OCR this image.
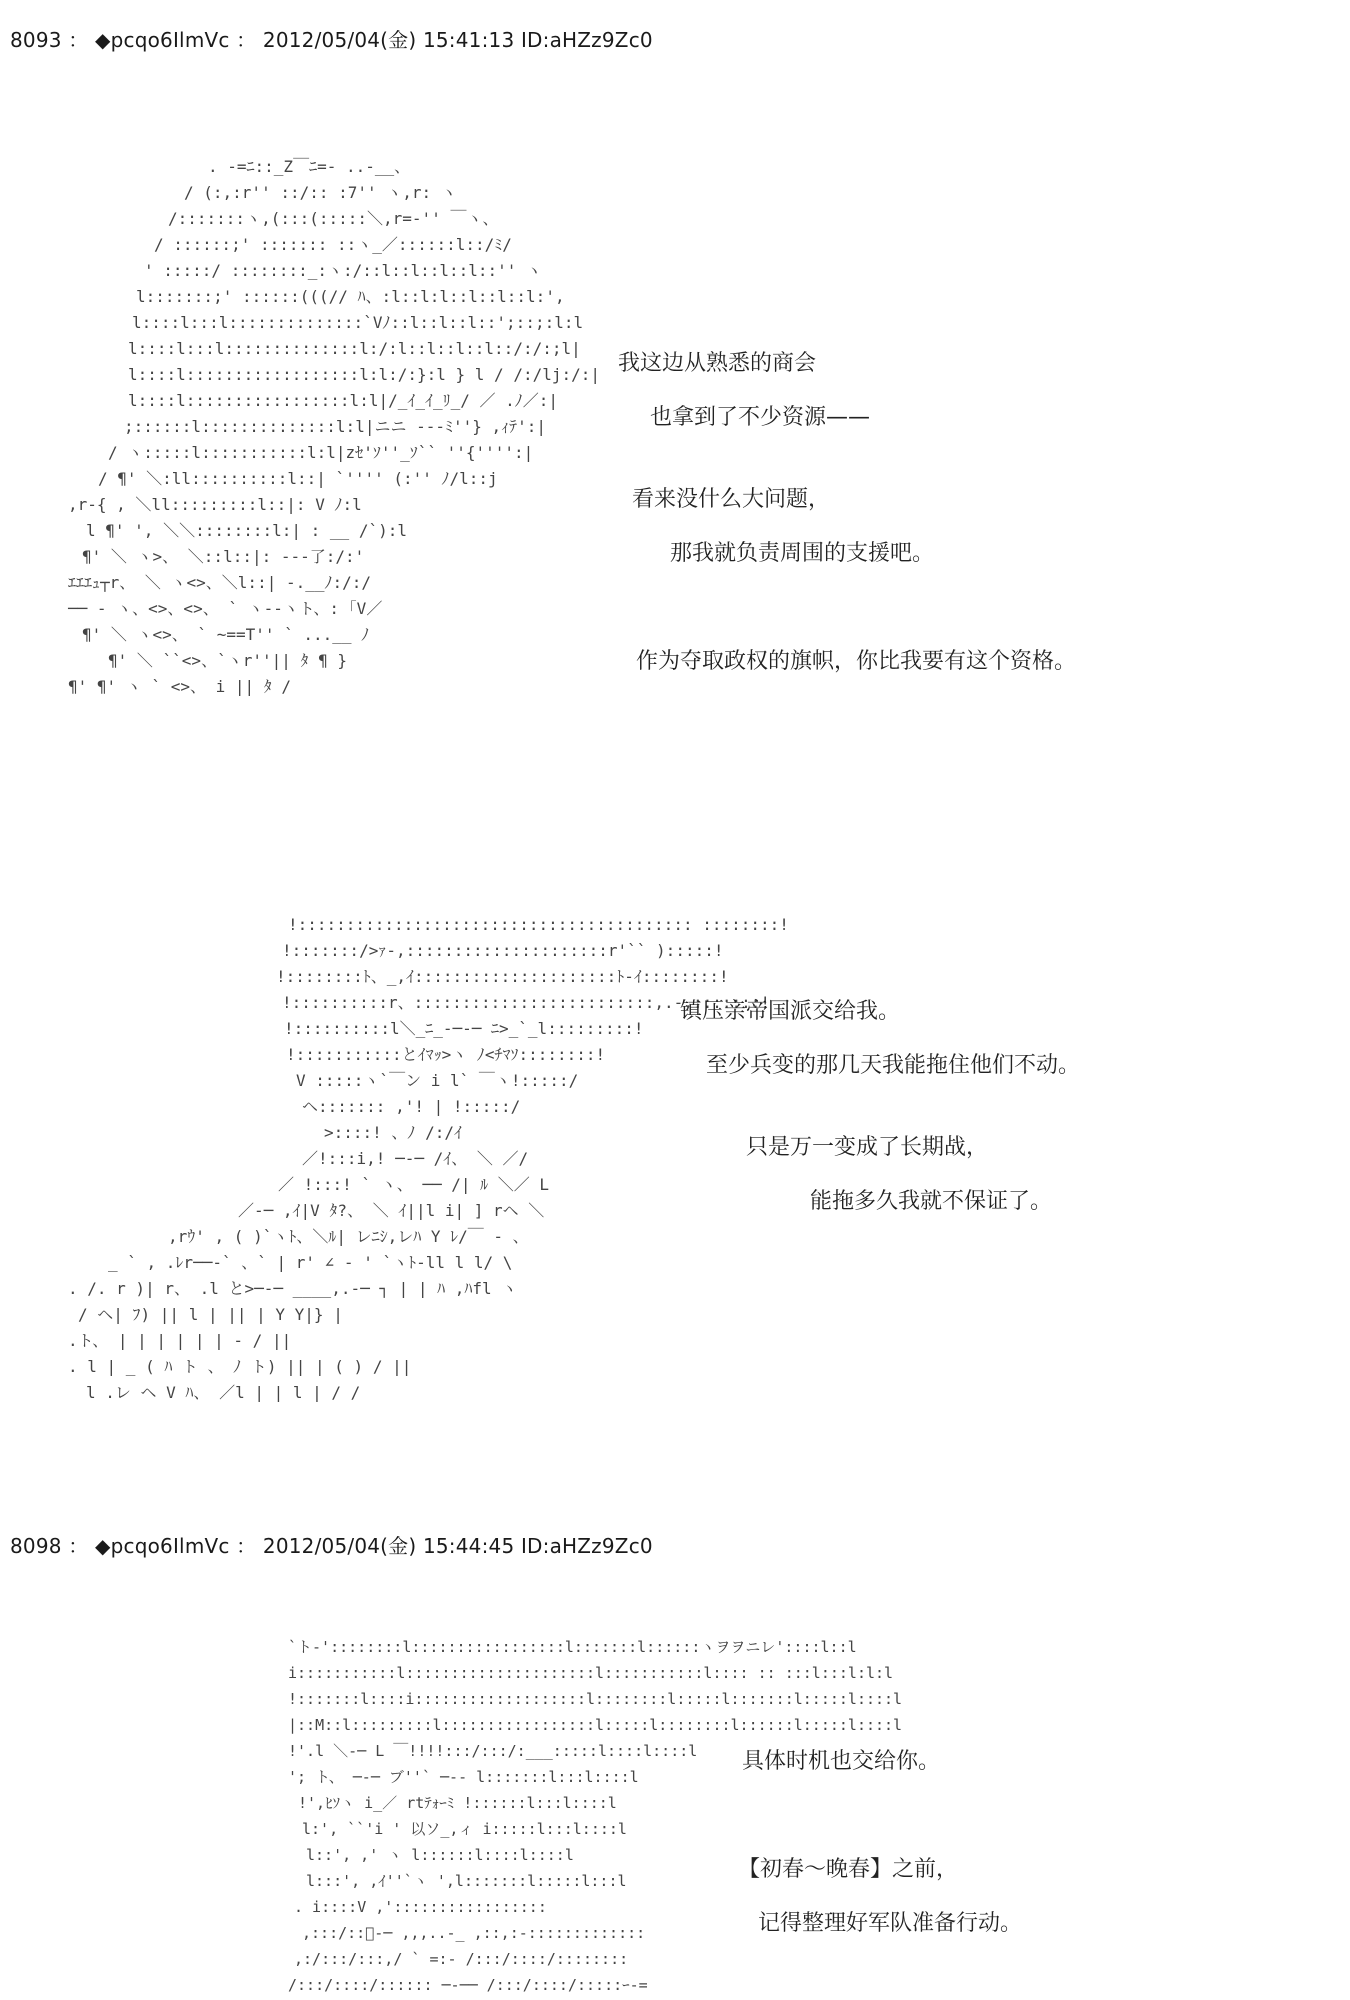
8093 ： ◆pcqo6IlmVc ： 2012/05/04(金) 15:41:13 ID:aHZz9Zc0
. -=ﾆ::_Z￣ﾆ=- ..-__、
/ (:,:r'' ::/:: :7'' ヽ,r: ヽ
/:::::::ヽ,(:::(:::::＼,r=-'' ￣ヽ、
/ ::::::;' ::::::: ::ヽ_／::::::l::/ﾐ/
' :::::/ ::::::::_:ヽ:/::l::l::l::l::'' ヽ
l:::::::;' ::::::(((// ﾊ、:l::l:l::l::l::l:',
l::::l:::l::::::::::::::`Vﾉ::l::l::l::';::;:l:l
l::::l:::l::::::::::::::l:/:l::l::l::l::/:/:;l|
l::::l::::::::::::::::::l:l:/:}:l } l / /:/lj:/:|
l::::l:::::::::::::::::l:l|/_ｲ_ｲ_ﾘ_/ ／ .ﾉ／:|
;::::::l::::::::::::::l:l|ニニ ---ﾐ''} ,ｨﾃ':|
/ ヽ:::::l:::::::::::l:l|zｾ'ｿ''_ｿ`` ''{'''':|
/ ¶' ＼:ll::::::::::l::| `'''' (:'' ﾉ/l::j
,r‐{ , ＼ll:::::::::l::|: V ﾉ:l
l ¶' ', ＼＼::::::::l:| : __ /`):l
¶' ＼ ヽ>、 ＼::l::|: ---了:/:'
ｴｴｴｭ┬r、 ＼ ヽ<>、＼l::| -.__ﾉ:/:/
── - ヽ、<>、<>、 ` ヽ--ヽト、: ｢V／
¶' ＼ ヽ<>、 ` ~==T'' ` ...__ ﾉ
¶' ＼ ``<>、`ヽr''|| ﾀ ¶ }
¶' ¶' ヽ ` <>、 i || ﾀ /
我这边从熟悉的商会
也拿到了不少资源——
看来没什么大问题，
那我就负责周围的支援吧。
作为夺取政权的旗帜，你比我要有这个资格。
!::::::::::::::::::::::::::::::::::::::::: ::::::::!
!:::::::/>ｧ-,:::::::::::::::::::::r'`` ):::::!
!::::::::ﾄ、_,ｲ:::::::::::::::::::::ﾄ-ｲ::::::::!
!::::::::::r、:::::::::::::::::::::::::,.-,:::::::!
!::::::::::l＼_ﾆ_-─-─ ﾆ>_`_l:::::::::!
!:::::::::::とｲﾏｯ>ヽ ﾉ<ﾁﾏｿ::::::::!
V :::::ヽ`￣ン i l` ￣ヽ!:::::/
ヘ::::::: ,'! | !:::::/
>::::! 、ﾉ /:/ｲ
／!:::i,! ─-─ /ｲ、 ＼ ／/
／ !:::! ` ヽ、 ── /| ﾙ ＼／ L
／-─ ,ｲ|V ﾀ?、 ＼ ｲ||l i| ] rヘ ＼
,rｳ' , ( )`ヽﾄ、＼ﾙ| レﾆｼ,レﾊ Y ﾚ/￣ - 、
_ ` , .ﾚr──-` 、` | r' ∠ - ' `ヽﾄ-ll l l/ \
. /. r )| r、 .l と>─-─ ____,.-─ ┐ | | ﾊ ,ﾊfl ヽ
/ ヘ| ﾌ) || l | || | Y Y|} |
.ト、 | | | | | | - / ||
. l | _ ( ﾊ ト 、 ﾉ ト) || | ( ) / ||
l .レ ヘ V ﾊ、 ／l | | l | / /
镇压亲帝国派交给我。
至少兵变的那几天我能拖住他们不动。
只是万一变成了长期战，
能拖多久我就不保证了。
8098 ： ◆pcqo6IlmVc ： 2012/05/04(金) 15:44:45 ID:aHZz9Zc0
`ト-'::::::::l:::::::::::::::::l:::::::l::::::ヽヲヲニレ'::::l::l
i:::::::::::l:::::::::::::::::::::l:::::::::::l:::: :: :::l:::l:l:l
!:::::::l::::i:::::::::::::::::::l::::::::l:::::l:::::::l:::::l::::l
|::M::l:::::::::l:::::::::::::::::l:::::l::::::::l::::::l:::::l::::l
!'.l ＼-─ L ￣!!!!:::/:::/:___:::::l::::l::::l
'; ト、 ─-─ ブ''` ─-- l:::::::l:::l::::l
!',ﾋｿヽ i_／ rtﾃｫｰﾐ !::::::l:::l::::l
l:', ``'i ' 以ソ_,ィ i:::::l:::l::::l
l::', ,' ヽ l::::::l::::l::::l
l:::', ,ｲ''`ヽ ',l:::::::l:::::l:::l
. i::::V ,':::::::::::::::::
,:::/::ﾞ-─ ,,,..-_ ,::,:-:::::::::::::
,:/:::/:::,/ ` =:- /:::/::::/::::::::
/:::/::::/:::::: ─-── /:::/::::/:::::ｰ-=
具体时机也交给你。
【初春～晚春】之前，
记得整理好军队准备行动。
